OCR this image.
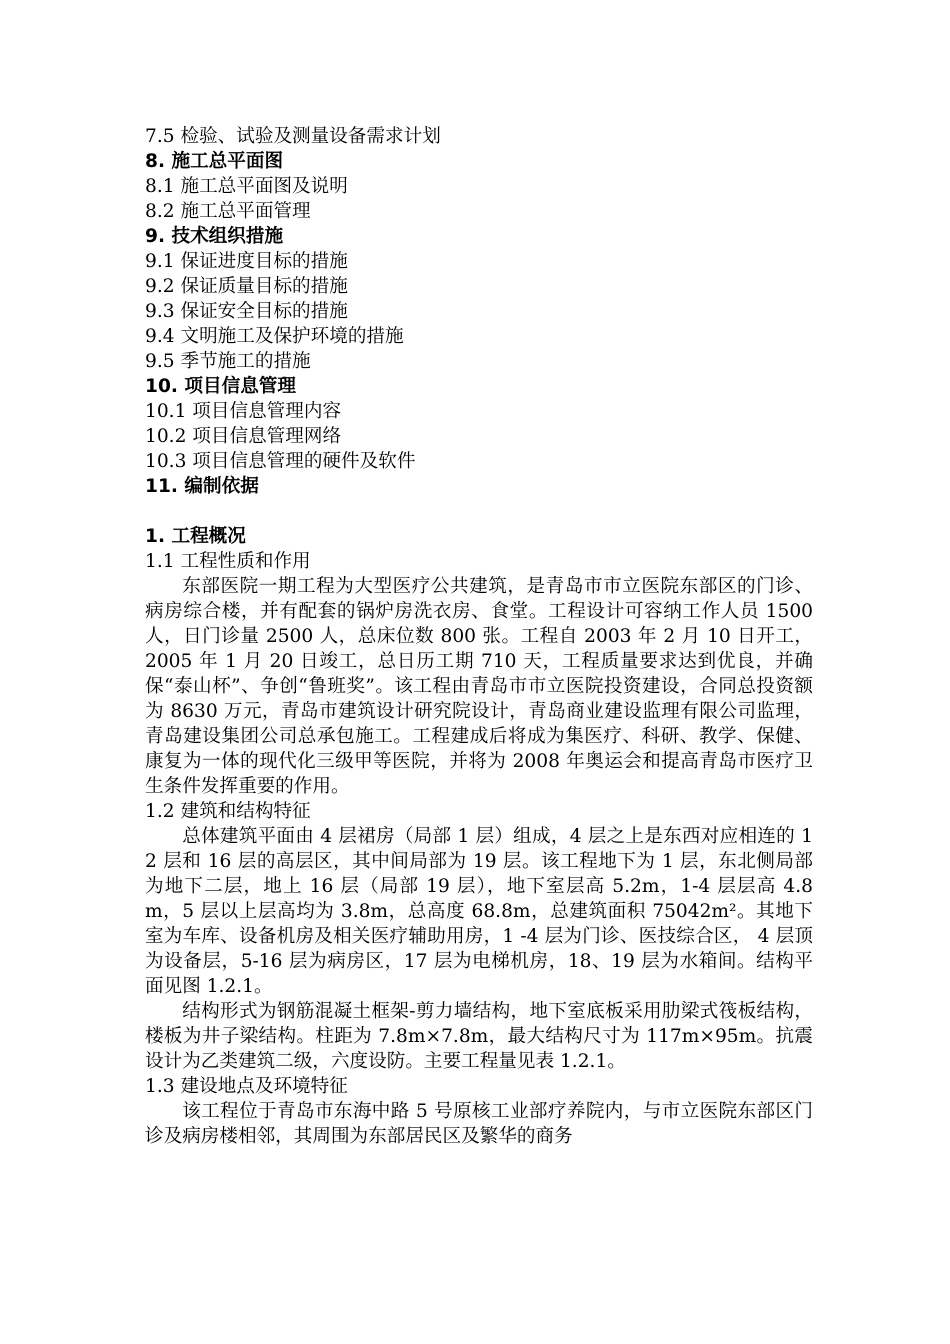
7.5 检验、试验及测量设备需求计划
8. 施工总平面图
8.1 施工总平面图及说明
8.2 施工总平面管理
9. 技术组织措施
9.1 保证进度目标的措施
9.2 保证质量目标的措施
9.3 保证安全目标的措施
9.4 文明施工及保护环境的措施
9.5 季节施工的措施
10. 项目信息管理
10.1 项目信息管理内容
10.2 项目信息管理网络
10.3 项目信息管理的硬件及软件
11. 编制依据
1. 工程概况
1.1 工程性质和作用

东部医院一期工程为大型医疗公共建筑，是青岛市市立医院东部区的门诊、病房综合楼，并有配套的锅炉房洗衣房、食堂。工程设计可容纳工作人员 1500 人，日门诊量 2500 人，总床位数 800 张。工程自 2003 年 2 月 10 日开工， 2005 年 1 月 20 日竣工，总日历工期 710 天，工程质量要求达到优良，并确保“泰山杯”、争创“鲁班奖”。该工程由青岛市市立医院投资建设，合同总投资额为 8630 万元，青岛市建筑设计研究院设计，青岛商业建设监理有限公司监理，青岛建设集团公司总承包施工。工程建成后将成为集医疗、科研、教学、保健、康复为一体的现代化三级甲等医院，并将为 2008 年奥运会和提高青岛市医疗卫生条件发挥重要的作用。

1.2 建筑和结构特征

总体建筑平面由 4 层裙房（局部 1 层）组成，4 层之上是东西对应相连的 12 层和 16 层的高层区，其中间局部为 19 层。该工程地下为 1 层，东北侧局部为地下二层，地上 16 层（局部 19 层），地下室层高 5.2m，1-4 层层高 4.8m，5 层以上层高均为 3.8m，总高度 68.8m，总建筑面积 75042m²。其地下室为车库、设备机房及相关医疗辅助用房，1 -4 层为门诊、医技综合区， 4 层顶为设备层，5-16 层为病房区，17 层为电梯机房，18、19 层为水箱间。结构平面见图 1.2.1。

结构形式为钢筋混凝土框架-剪力墙结构，地下室底板采用肋梁式筏板结构，楼板为井子梁结构。柱距为 7.8m×7.8m，最大结构尺寸为 117m×95m。抗震设计为乙类建筑二级，六度设防。主要工程量见表 1.2.1。

1.3 建设地点及环境特征

该工程位于青岛市东海中路 5 号原核工业部疗养院内，与市立医院东部区门诊及病房楼相邻，其周围为东部居民区及繁华的商务
